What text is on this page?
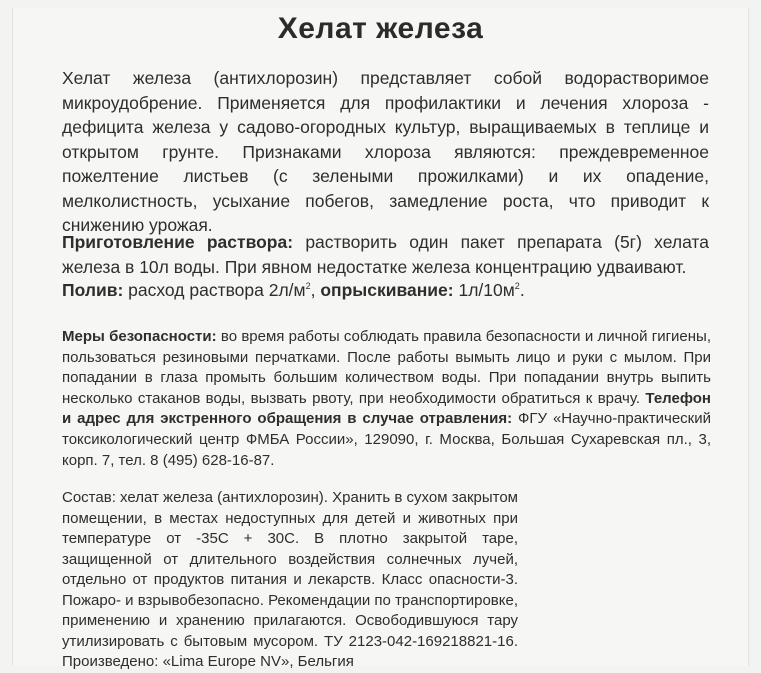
Хелат железа
Хелат железа (антихлорозин) представляет собой водорастворимое микроудобрение. Применяется для профилактики и лечения хлороза - дефицита железа у садово-огородных культур, выращиваемых в теплице и открытом грунте. Признаками хлороза являются: преждевременное пожелтение листьев (с зелеными прожилками) и их опадение, мелколистность, усыхание побегов, замедление роста, что приводит к снижению урожая.
Приготовление раствора: растворить один пакет препарата (5г) хелата железа в 10л воды. При явном недостатке железа концентрацию удваивают.
Полив: расход раствора $2л/м^2$, опрыскивание: $1л/10м^2$.
Меры безопасности: во время работы соблюдать правила безопасности и личной гигиены, пользоваться резиновыми перчатками. После работы вымыть лицо и руки с мылом. При попадании в глаза промыть большим количеством воды. При попадании внутрь выпить несколько стаканов воды, вызвать рвоту, при необходимости обратиться к врачу. Телефон и адрес для экстренного обращения в случае отравления: ФГУ «Научно-практический токсикологический центр ФМБА России», 129090, г. Москва, Большая Сухаревская пл., 3, корп. 7, тел. 8 (495) 628-16-87.
Состав: хелат железа (антихлорозин). Хранить в сухом закрытом помещении, в местах недоступных для детей и животных при температуре от -35С + 30С. В плотно закрытой таре, защищенной от длительного воздействия солнечных лучей, отдельно от продуктов питания и лекарств. Класс опасности-3. Пожаро- и взрывобезопасно. Рекомендации по транспортировке, применению и хранению прилагаются. Освободившуюся тару утилизировать с бытовым мусором. ТУ 2123-042-169218821-16. Произведено: «Lima Europe NV», Бельгия
